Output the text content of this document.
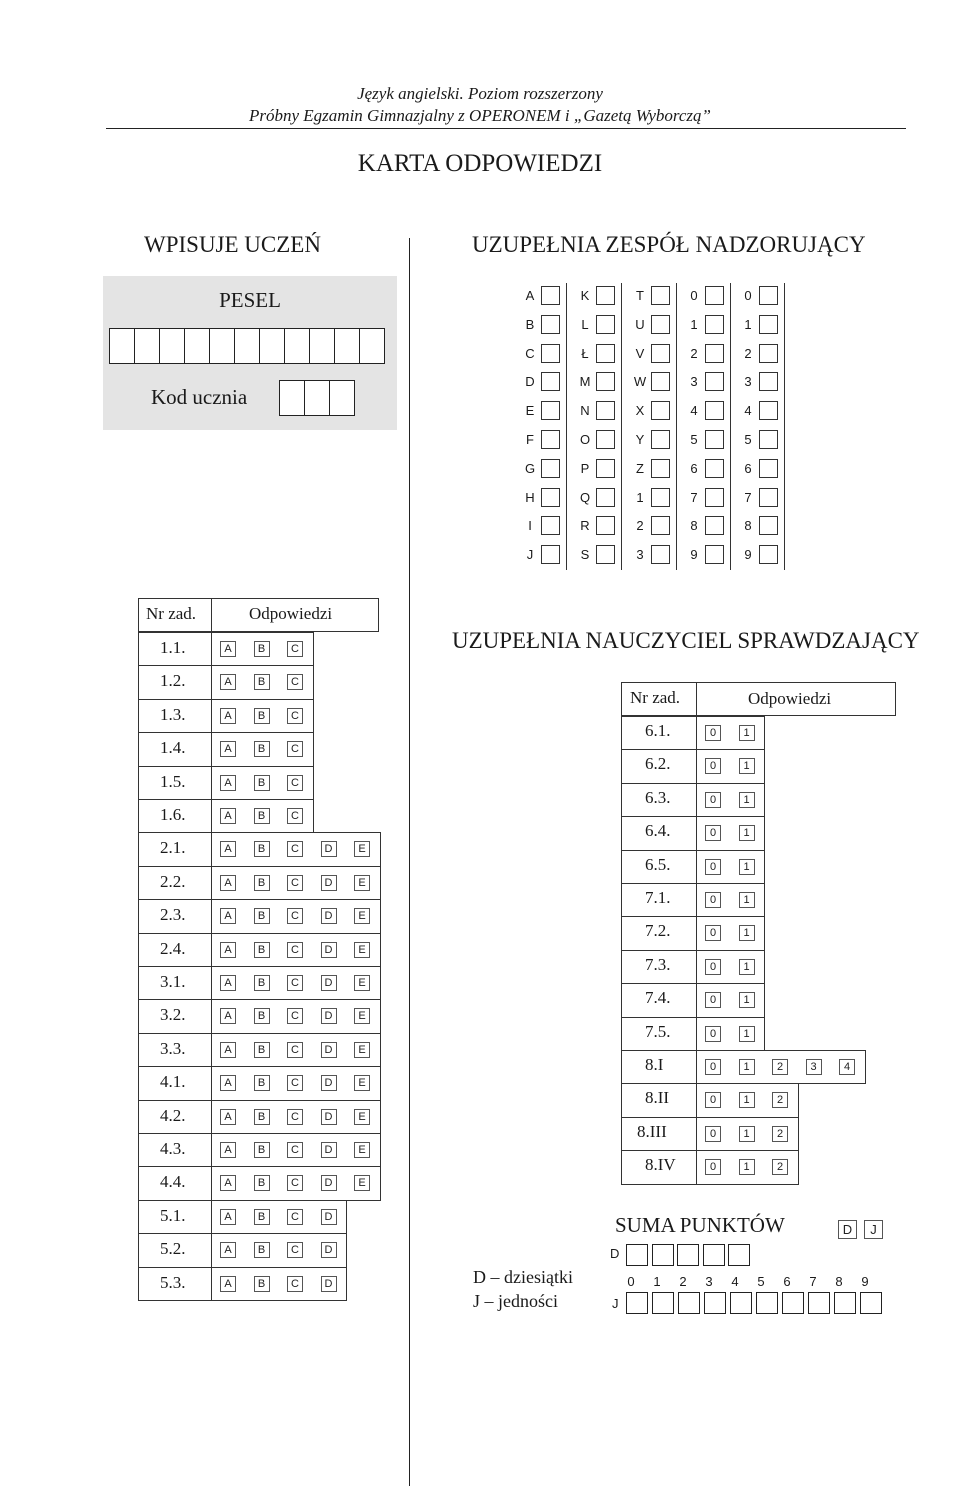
Język angielski. Poziom rozszerzony
Próbny Egzamin Gimnazjalny z OPERONEM i „Gazetą Wyborczą”
KARTA ODPOWIEDZI
WPISUJE UCZEŃ
PESEL
Kod ucznia
UZUPEŁNIA ZESPÓŁ NADZORUJĄCY
A
B
C
D
E
F
G
H
I
J
K
L
Ł
M
N
O
P
Q
R
S
T
U
V
W
X
Y
Z
1
2
3
0
1
2
3
4
5
6
7
8
9
0
1
2
3
4
5
6
7
8
9
Nr zad.	Odpowiedzi
1.1.	A	B	C
1.2.	A	B	C
1.3.	A	B	C
1.4.	A	B	C
1.5.	A	B	C
1.6.	A	B	C
2.1.	A	B	C	D	E
2.2.	A	B	C	D	E
2.3.	A	B	C	D	E
2.4.	A	B	C	D	E
3.1.	A	B	C	D	E
3.2.	A	B	C	D	E
3.3.	A	B	C	D	E
4.1.	A	B	C	D	E
4.2.	A	B	C	D	E
4.3.	A	B	C	D	E
4.4.	A	B	C	D	E
5.1.	A	B	C	D
5.2.	A	B	C	D
5.3.	A	B	C	D
UZUPEŁNIA NAUCZYCIEL SPRAWDZAJĄCY
Nr zad.	Odpowiedzi
6.1.	0	1
6.2.	0	1
6.3.	0	1
6.4.	0	1
6.5.	0	1
7.1.	0	1
7.2.	0	1
7.3.	0	1
7.4.	0	1
7.5.	0	1
8.I	0	1	2	3	4
8.II	0	1	2
8.III	0	1	2
8.IV	0	1	2
SUMA PUNKTÓW	D	J
D
J
0 1 2 3 4 5 6 7 8 9
D – dziesiątki
J – jedności
